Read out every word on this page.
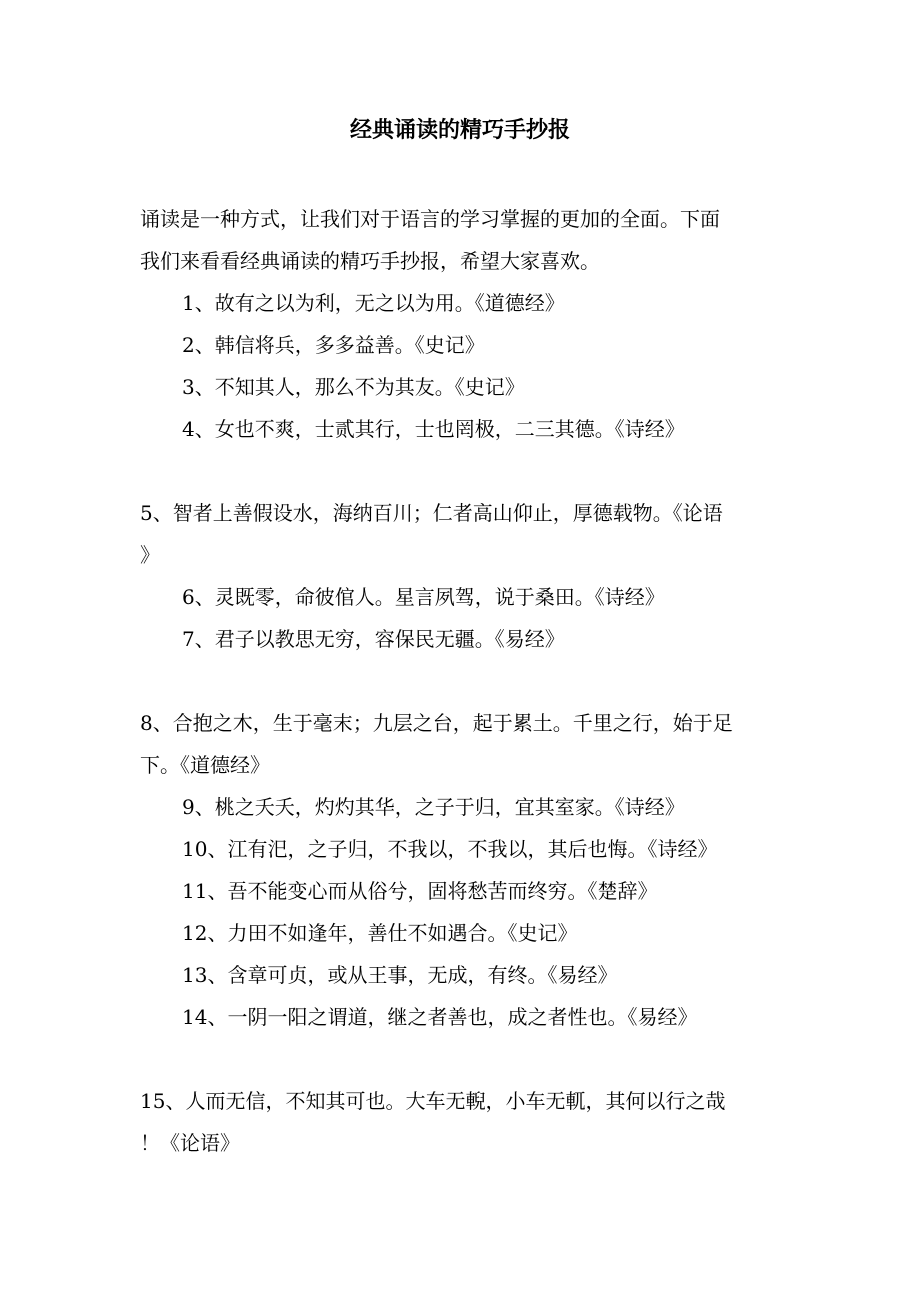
经典诵读的精巧手抄报
诵读是一种方式，让我们对于语言的学习掌握的更加的全面。下面
我们来看看经典诵读的精巧手抄报，希望大家喜欢。
1、故有之以为利，无之以为用。《道德经》
2、韩信将兵，多多益善。《史记》
3、不知其人，那么不为其友。《史记》
4、女也不爽，士贰其行，士也罔极，二三其德。《诗经》
5、智者上善假设水，海纳百川；仁者高山仰止，厚德载物。《论语
》
6、灵既零，命彼倌人。星言夙驾，说于桑田。《诗经》
7、君子以教思无穷，容保民无疆。《易经》
8、合抱之木，生于毫末；九层之台，起于累土。千里之行，始于足
下。《道德经》
9、桃之夭夭，灼灼其华，之子于归，宜其室家。《诗经》
10、江有汜，之子归，不我以，不我以，其后也悔。《诗经》
11、吾不能变心而从俗兮，固将愁苦而终穷。《楚辞》
12、力田不如逢年，善仕不如遇合。《史记》
13、含章可贞，或从王事，无成，有终。《易经》
14、一阴一阳之谓道，继之者善也，成之者性也。《易经》
15、人而无信，不知其可也。大车无輗，小车无軏，其何以行之哉
！《论语》
